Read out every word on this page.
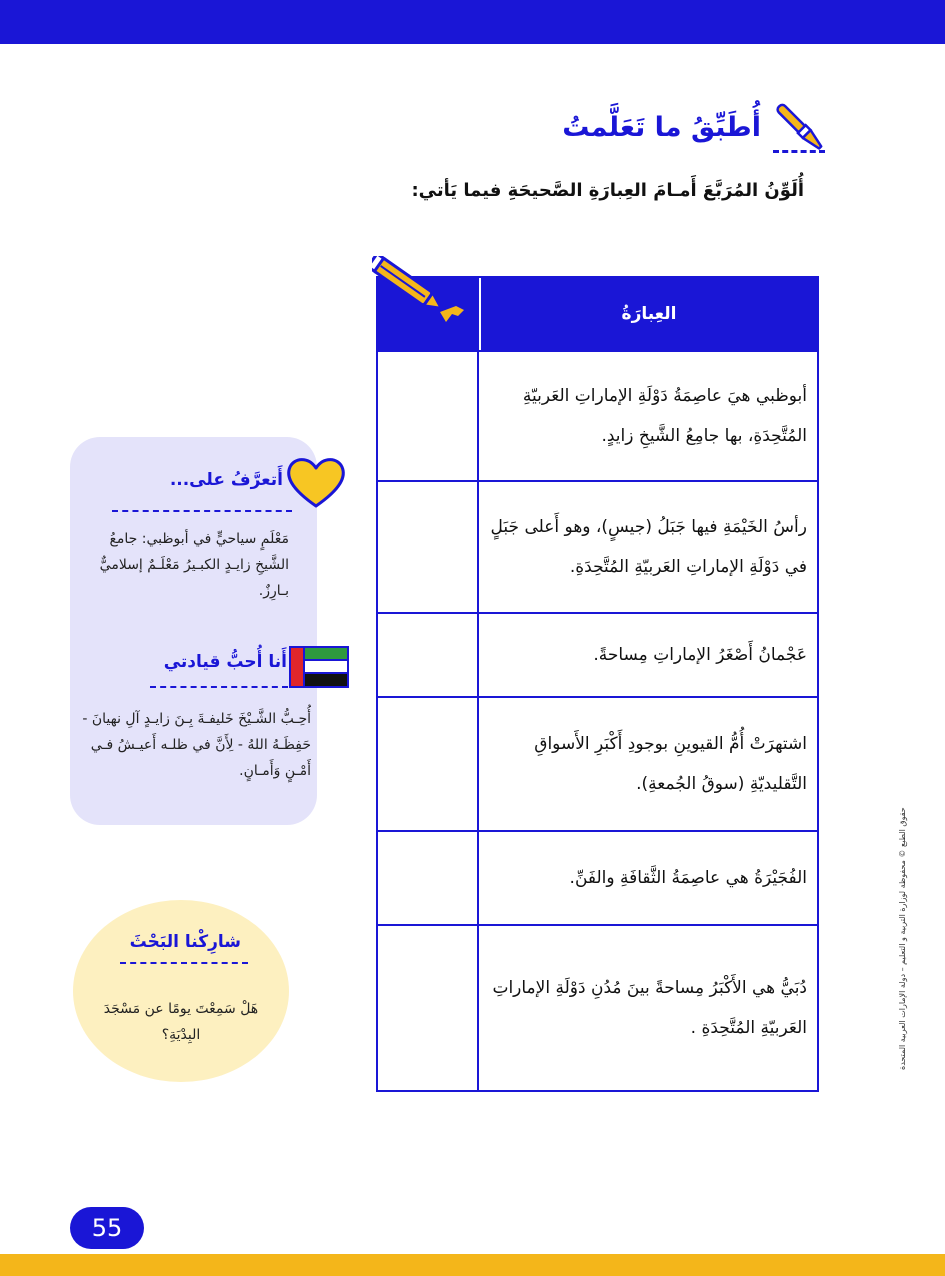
أُطَبِّقُ ما تَعَلَّمتُ
أُلَوِّنُ المُرَبَّعَ أَمـامَ العِبارَةِ الصَّحيحَةِ فيما يَأتي:
العِبارَةُ
أبوظبي هيَ عاصِمَةُ دَوْلَةِ الإماراتِ العَربيّةِ المُتَّحِدَةِ، بها جامِعُ الشَّيخِ زايدٍ.
رأسُ الخَيْمَةِ فيها جَبَلُ (جيسٍ)، وهو أَعلى جَبَلٍ في دَوْلَةِ الإماراتِ العَربيّةِ المُتَّحِدَةِ.
عَجْمانُ أَصْغَرُ الإماراتِ مِساحةً.
اشتهرَتْ أُمُّ القيوينِ بوجودِ أَكْبَرِ الأَسواقِ التَّقليديّةِ (سوقُ الجُمعةِ).
الفُجَيْرَةُ هي عاصِمَةُ الثَّقافَةِ والفَنِّ.
دُبَيُّ هي الأَكْبَرُ مِساحةً بينَ مُدُنِ دَوْلَةِ الإماراتِ العَربيّةِ المُتَّحِدَةِ .
أَتعرَّفُ على...
مَعْلَمٍ سياحيٍّ في أبوظبي: جامعُ الشَّيخِ زايـدٍ الكبـيرُ مَعْلَـمٌ إسلاميٌّ بـارِزٌ.
أَنا أُحبُّ قيادتي
أُحِـبُّ الشَّـيْخَ خَليفـةَ بِـنَ زايـدٍ آلِ نهيانَ - حَفِظَـهُ اللهُ - لِأَنَّ في ظلـه أَعيـشُ فـي أَمْـنٍ وَأَمـانٍ.
شارِكْنا البَحْثَ
هَلْ سَمِعْتَ يومًا عن مَسْجَدَ البِدْيَةِ؟	حقوق الطبع © محفوظة لوزارة التربية و التعليم – دولة الإمارات العربية المتحدة
55
